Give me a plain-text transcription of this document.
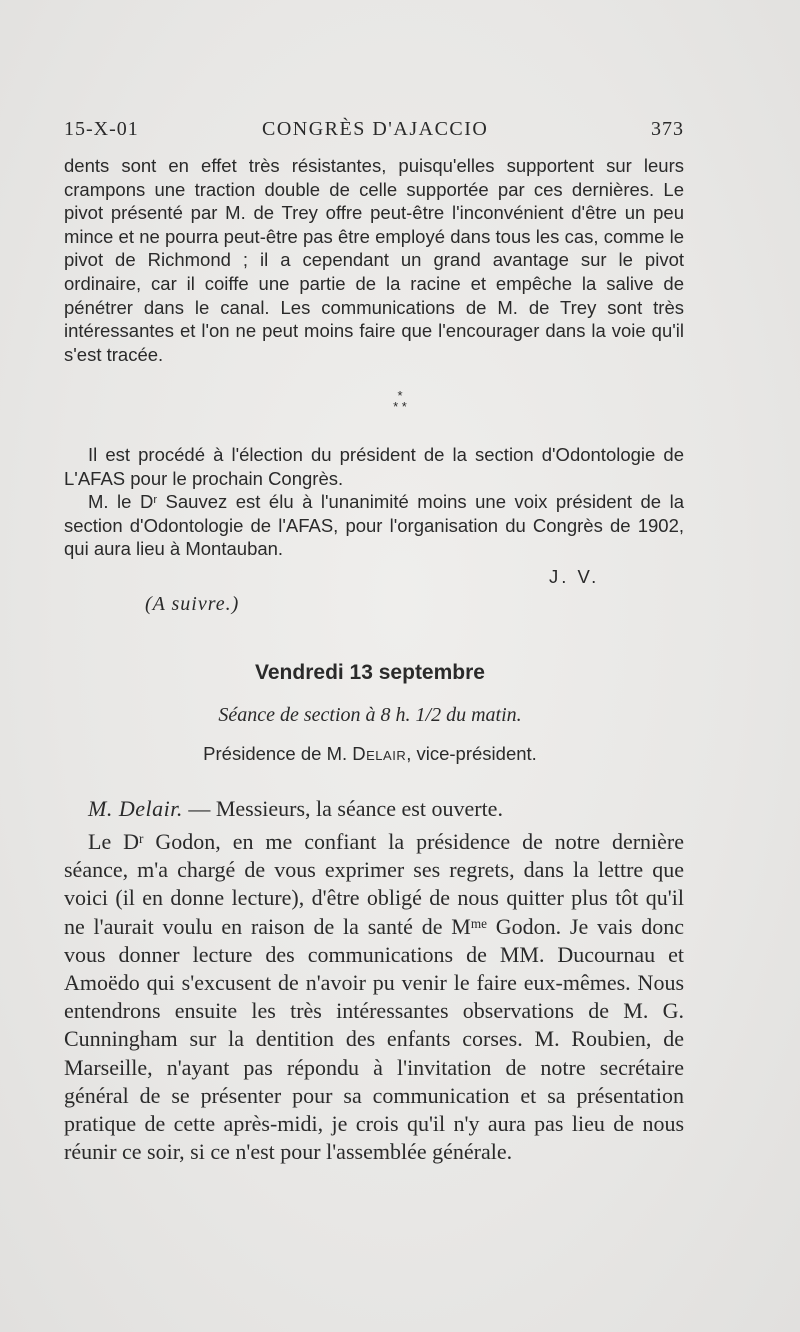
15-X-01	CONGRÈS D'AJACCIO	373

dents sont en effet très résistantes, puisqu'elles supportent sur leurs crampons une traction double de celle supportée par ces dernières. Le pivot présenté par M. de Trey offre peut-être l'inconvénient d'être un peu mince et ne pourra peut-être pas être employé dans tous les cas, comme le pivot de Richmond ; il a cependant un grand avantage sur le pivot ordinaire, car il coiffe une partie de la racine et empêche la salive de pénétrer dans le canal. Les communications de M. de Trey sont très intéressantes et l'on ne peut moins faire que l'encourager dans la voie qu'il s'est tracée.

*
* *

Il est procédé à l'élection du président de la section d'Odontologie de L'AFAS pour le prochain Congrès.

M. le $D^r$ Sauvez est élu à l'unanimité moins une voix président de la section d'Odontologie de l'AFAS, pour l'organisation du Congrès de 1902, qui aura lieu à Montauban.

J. V.
(A suivre.)
Vendredi 13 septembre
Séance de section à 8 h. 1/2 du matin.
Présidence de M. Delair, vice-président.
M. Delair. — Messieurs, la séance est ouverte.

Le $D^r$ Godon, en me confiant la présidence de notre dernière séance, m'a chargé de vous exprimer ses regrets, dans la lettre que voici (il en donne lecture), d'être obligé de nous quitter plus tôt qu'il ne l'aurait voulu en raison de la santé de $M^{me}$ Godon. Je vais donc vous donner lecture des communications de MM. Ducournau et Amoëdo qui s'excusent de n'avoir pu venir le faire eux-mêmes. Nous entendrons ensuite les très intéressantes observations de M. G. Cunningham sur la dentition des enfants corses. M. Roubien, de Marseille, n'ayant pas répondu à l'invitation de notre secrétaire général de se présenter pour sa communication et sa présentation pratique de cette après-midi, je crois qu'il n'y aura pas lieu de nous réunir ce soir, si ce n'est pour l'assemblée générale.
